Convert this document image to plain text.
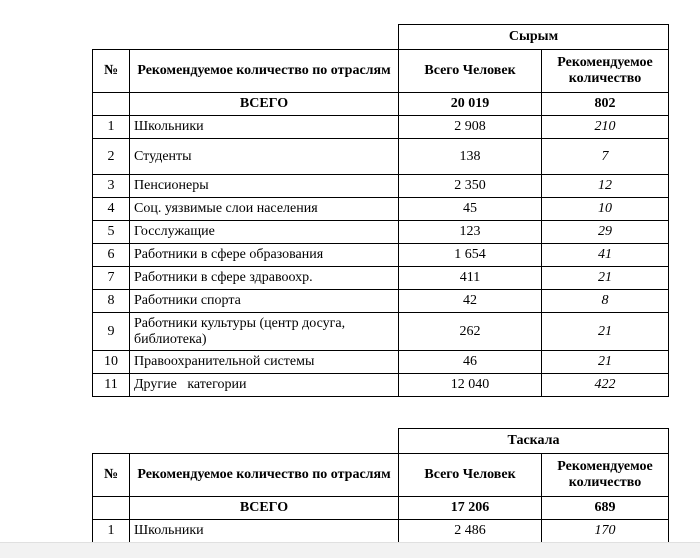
		Сырым	
№	Рекомендуемое количество по отраслям	Всего Человек	Рекомендуемое количество
	ВСЕГО	20 019	802
1	Школьники	2 908	210
2	Студенты	138	7
3	Пенсионеры	2 350	12
4	Соц. уязвимые слои населения	45	10
5	Госслужащие	123	29
6	Работники в сфере образования	1 654	41
7	Работники в сфере здравоохр.	411	21
8	Работники спорта	42	8
9	Работники культуры (центр досуга, библиотека)	262	21
10	Правоохранительной системы	46	21
11	Другие   категории	12 040	422
		Таскала	
№	Рекомендуемое количество по отраслям	Всего Человек	Рекомендуемое количество
	ВСЕГО	17 206	689
1	Школьники	2 486	170
